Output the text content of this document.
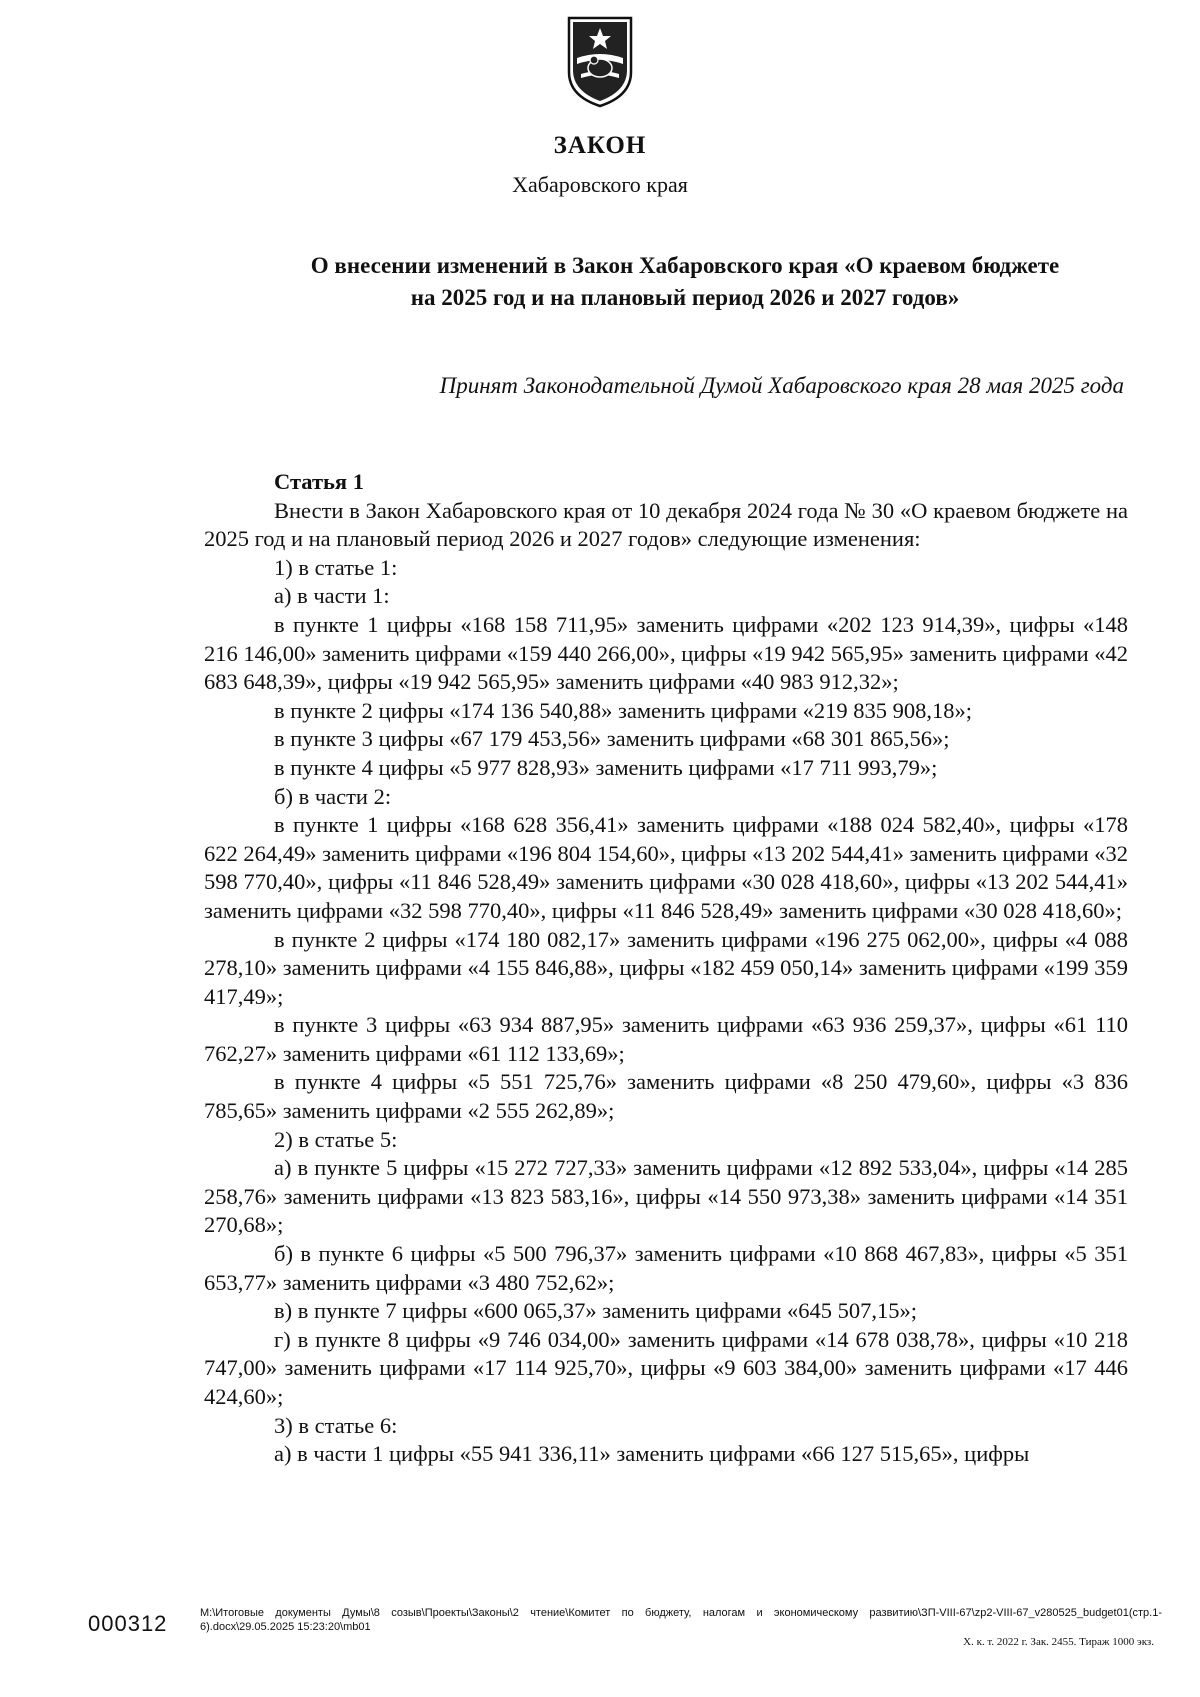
ЗАКОН
Хабаровского края
О внесении изменений в Закон Хабаровского края «О краевом бюджете
на 2025 год и на плановый период 2026 и 2027 годов»
Принят Законодательной Думой Хабаровского края 28 мая 2025 года

Статья 1

Внести в Закон Хабаровского края от 10 декабря 2024 года № 30 «О краевом бюджете на 2025 год и на плановый период 2026 и 2027 годов» следующие изменения:

1) в статье 1:

а) в части 1:

в пункте 1 цифры «168 158 711,95» заменить цифрами «202 123 914,39», цифры «148 216 146,00» заменить цифрами «159 440 266,00», цифры «19 942 565,95» заменить цифрами «42 683 648,39», цифры «19 942 565,95» заменить цифрами «40 983 912,32»;

в пункте 2 цифры «174 136 540,88» заменить цифрами «219 835 908,18»;

в пункте 3 цифры «67 179 453,56» заменить цифрами «68 301 865,56»;

в пункте 4 цифры «5 977 828,93» заменить цифрами «17 711 993,79»;

б) в части 2:

в пункте 1 цифры «168 628 356,41» заменить цифрами «188 024 582,40», цифры «178 622 264,49» заменить цифрами «196 804 154,60», цифры «13 202 544,41» заменить цифрами «32 598 770,40», цифры «11 846 528,49» заменить цифрами «30 028 418,60», цифры «13 202 544,41» заменить цифрами «32 598 770,40», цифры «11 846 528,49» заменить цифрами «30 028 418,60»;

в пункте 2 цифры «174 180 082,17» заменить цифрами «196 275 062,00», цифры «4 088 278,10» заменить цифрами «4 155 846,88», цифры «182 459 050,14» заменить цифрами «199 359 417,49»;

в пункте 3 цифры «63 934 887,95» заменить цифрами «63 936 259,37», цифры «61 110 762,27» заменить цифрами «61 112 133,69»;

в пункте 4 цифры «5 551 725,76» заменить цифрами «8 250 479,60», цифры «3 836 785,65» заменить цифрами «2 555 262,89»;

2) в статье 5:

а) в пункте 5 цифры «15 272 727,33» заменить цифрами «12 892 533,04», цифры «14 285 258,76» заменить цифрами «13 823 583,16», цифры «14 550 973,38» заменить цифрами «14 351 270,68»;

б) в пункте 6 цифры «5 500 796,37» заменить цифрами «10 868 467,83», цифры «5 351 653,77» заменить цифрами «3 480 752,62»;

в) в пункте 7 цифры «600 065,37» заменить цифрами «645 507,15»;

г) в пункте 8 цифры «9 746 034,00» заменить цифрами «14 678 038,78», цифры «10 218 747,00» заменить цифрами «17 114 925,70», цифры «9 603 384,00» заменить цифрами «17 446 424,60»;

3) в статье 6:

а) в части 1 цифры «55 941 336,11» заменить цифрами «66 127 515,65», цифры

000312	M:\Итоговые документы Думы\8 созыв\Проекты\Законы\2 чтение\Комитет по бюджету, налогам и экономическому развитию\ЗП-VIII-67\zp2-VIII-67_v280525_budget01(стр.1-6).docx\29.05.2025 15:23:20\mb01
Х. к. т. 2022 г. Зак. 2455. Тираж 1000 экз.
